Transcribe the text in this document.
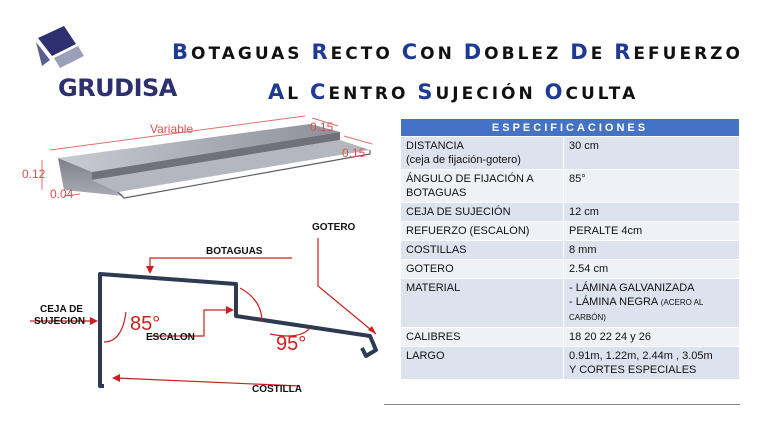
GRUDISA
BOTAGUAS RECTO CON DOBLEZ DE REFUERZO
AL CENTRO SUJECIÓN OCULTA
Variable	0.15
0.15
0.12
0.04
GOTERO
BOTAGUAS
CEJA DE
SUJECION 85°
ESCALON	95°
COSTILLA
ESPECIFICACIONES	
DISTANCIA
(ceja de fijación-gotero)	30 cm
ÁNGULO DE FIJACIÓN A
BOTAGUAS	85°
CEJA DE SUJECIÓN	12 cm
REFUERZO (ESCALON)	PERALTE 4cm
COSTILLAS	8 mm
GOTERO	2.54 cm
MATERIAL	- LÁMINA GALVANIZADA
- LÁMINA NEGRA (ACERO AL
CARBÓN)
CALIBRES	18 20 22 24 y 26
LARGO	0.91m, 1.22m, 2.44m , 3.05m
Y CORTES ESPECIALES
